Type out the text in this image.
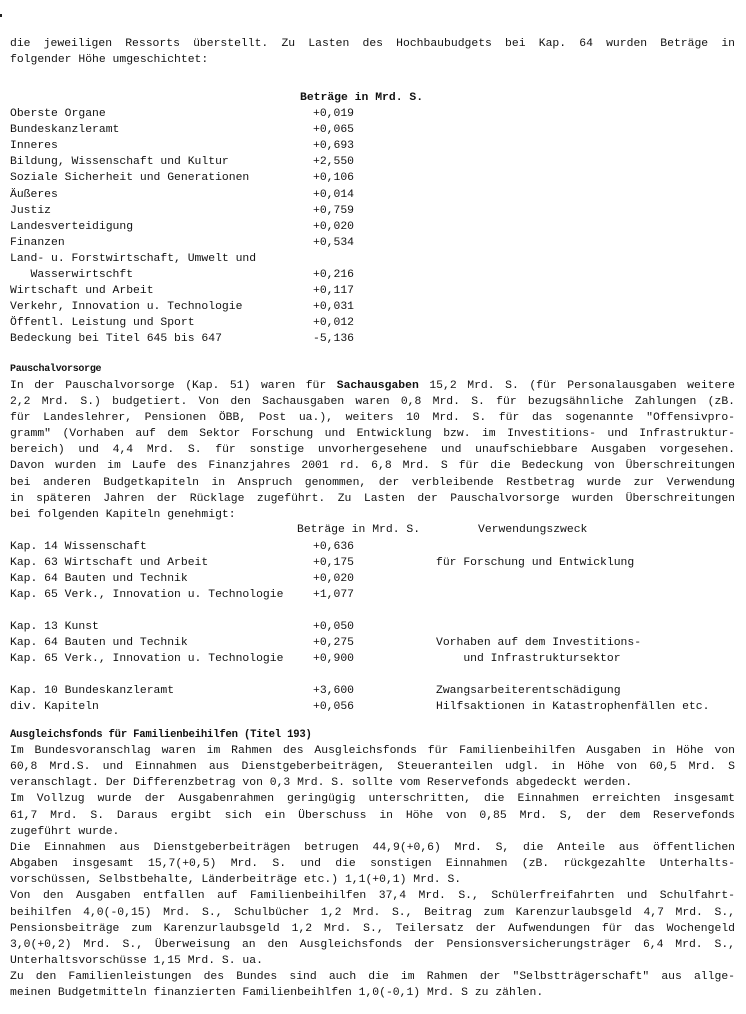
die jeweiligen Ressorts überstellt. Zu Lasten des Hochbaubudgets bei Kap. 64 wurden Beträge in
folgender Höhe umgeschichtet:
Beträge in Mrd. S.
Oberste Organe	+0,019
Bundeskanzleramt	+0,065
Inneres	+0,693
Bildung, Wissenschaft und Kultur	+2,550
Soziale Sicherheit und Generationen	+0,106
Äußeres	+0,014
Justiz	+0,759
Landesverteidigung	+0,020
Finanzen	+0,534
Land- u. Forstwirtschaft, Umwelt und
Wasserwirtschft	+0,216
Wirtschaft und Arbeit	+0,117
Verkehr, Innovation u. Technologie	+0,031
Öffentl. Leistung und Sport	+0,012
Bedeckung bei Titel 645 bis 647	-5,136
Pauschalvorsorge
In der Pauschalvorsorge (Kap. 51) waren für Sachausgaben 15,2 Mrd. S. (für Personalausgaben weitere
2,2 Mrd. S.) budgetiert. Von den Sachausgaben waren 0,8 Mrd. S. für bezugsähnliche Zahlungen (zB.
für Landeslehrer, Pensionen ÖBB, Post ua.), weiters 10 Mrd. S. für das sogenannte "Offensivpro-
gramm" (Vorhaben auf dem Sektor Forschung und Entwicklung bzw. im Investitions- und Infrastruktur-
bereich) und 4,4 Mrd. S. für sonstige unvorhergesehene und unaufschiebbare Ausgaben vorgesehen.
Davon wurden im Laufe des Finanzjahres 2001 rd. 6,8 Mrd. S für die Bedeckung von Überschreitungen
bei anderen Budgetkapiteln in Anspruch genommen, der verbleibende Restbetrag wurde zur Verwendung
in späteren Jahren der Rücklage zugeführt. Zu Lasten der Pauschalvorsorge wurden Überschreitungen
bei folgenden Kapiteln genehmigt:
Beträge in Mrd. S.	Verwendungszweck
Kap. 14 Wissenschaft	+0,636
Kap. 63 Wirtschaft und Arbeit	+0,175	für Forschung und Entwicklung
Kap. 64 Bauten und Technik	+0,020
Kap. 65 Verk., Innovation u. Technologie	+1,077
Kap. 13 Kunst	+0,050
Kap. 64 Bauten und Technik	+0,275	Vorhaben auf dem Investitions-
Kap. 65 Verk., Innovation u. Technologie	+0,900	und Infrastruktursektor
Kap. 10 Bundeskanzleramt	+3,600	Zwangsarbeiterentschädigung
div. Kapiteln	+0,056	Hilfsaktionen in Katastrophenfällen etc.
Ausgleichsfonds für Familienbeihilfen (Titel 193)
Im Bundesvoranschlag waren im Rahmen des Ausgleichsfonds für Familienbeihilfen Ausgaben in Höhe von
60,8 Mrd.S. und Einnahmen aus Dienstgeberbeiträgen, Steueranteilen udgl. in Höhe von 60,5 Mrd. S
veranschlagt. Der Differenzbetrag von 0,3 Mrd. S. sollte vom Reservefonds abgedeckt werden.
Im Vollzug wurde der Ausgabenrahmen geringügig unterschritten, die Einnahmen erreichten insgesamt
61,7 Mrd. S. Daraus ergibt sich ein Überschuss in Höhe von 0,85 Mrd. S, der dem Reservefonds
zugeführt wurde.
Die Einnahmen aus Dienstgeberbeiträgen betrugen 44,9(+0,6) Mrd. S, die Anteile aus öffentlichen
Abgaben insgesamt 15,7(+0,5) Mrd. S. und die sonstigen Einnahmen (zB. rückgezahlte Unterhalts-
vorschüssen, Selbstbehalte, Länderbeiträge etc.) 1,1(+0,1) Mrd. S.
Von den Ausgaben entfallen auf Familienbeihilfen 37,4 Mrd. S., Schülerfreifahrten und Schulfahrt-
beihilfen 4,0(-0,15) Mrd. S., Schulbücher 1,2 Mrd. S., Beitrag zum Karenzurlaubsgeld 4,7 Mrd. S.,
Pensionsbeiträge zum Karenzurlaubsgeld 1,2 Mrd. S., Teilersatz der Aufwendungen für das Wochengeld
3,0(+0,2) Mrd. S., Überweisung an den Ausgleichsfonds der Pensionsversicherungsträger 6,4 Mrd. S.,
Unterhaltsvorschüsse 1,15 Mrd. S. ua.
Zu den Familienleistungen des Bundes sind auch die im Rahmen der "Selbstträgerschaft" aus allge-
meinen Budgetmitteln finanzierten Familienbeihlfen 1,0(-0,1) Mrd. S zu zählen.
